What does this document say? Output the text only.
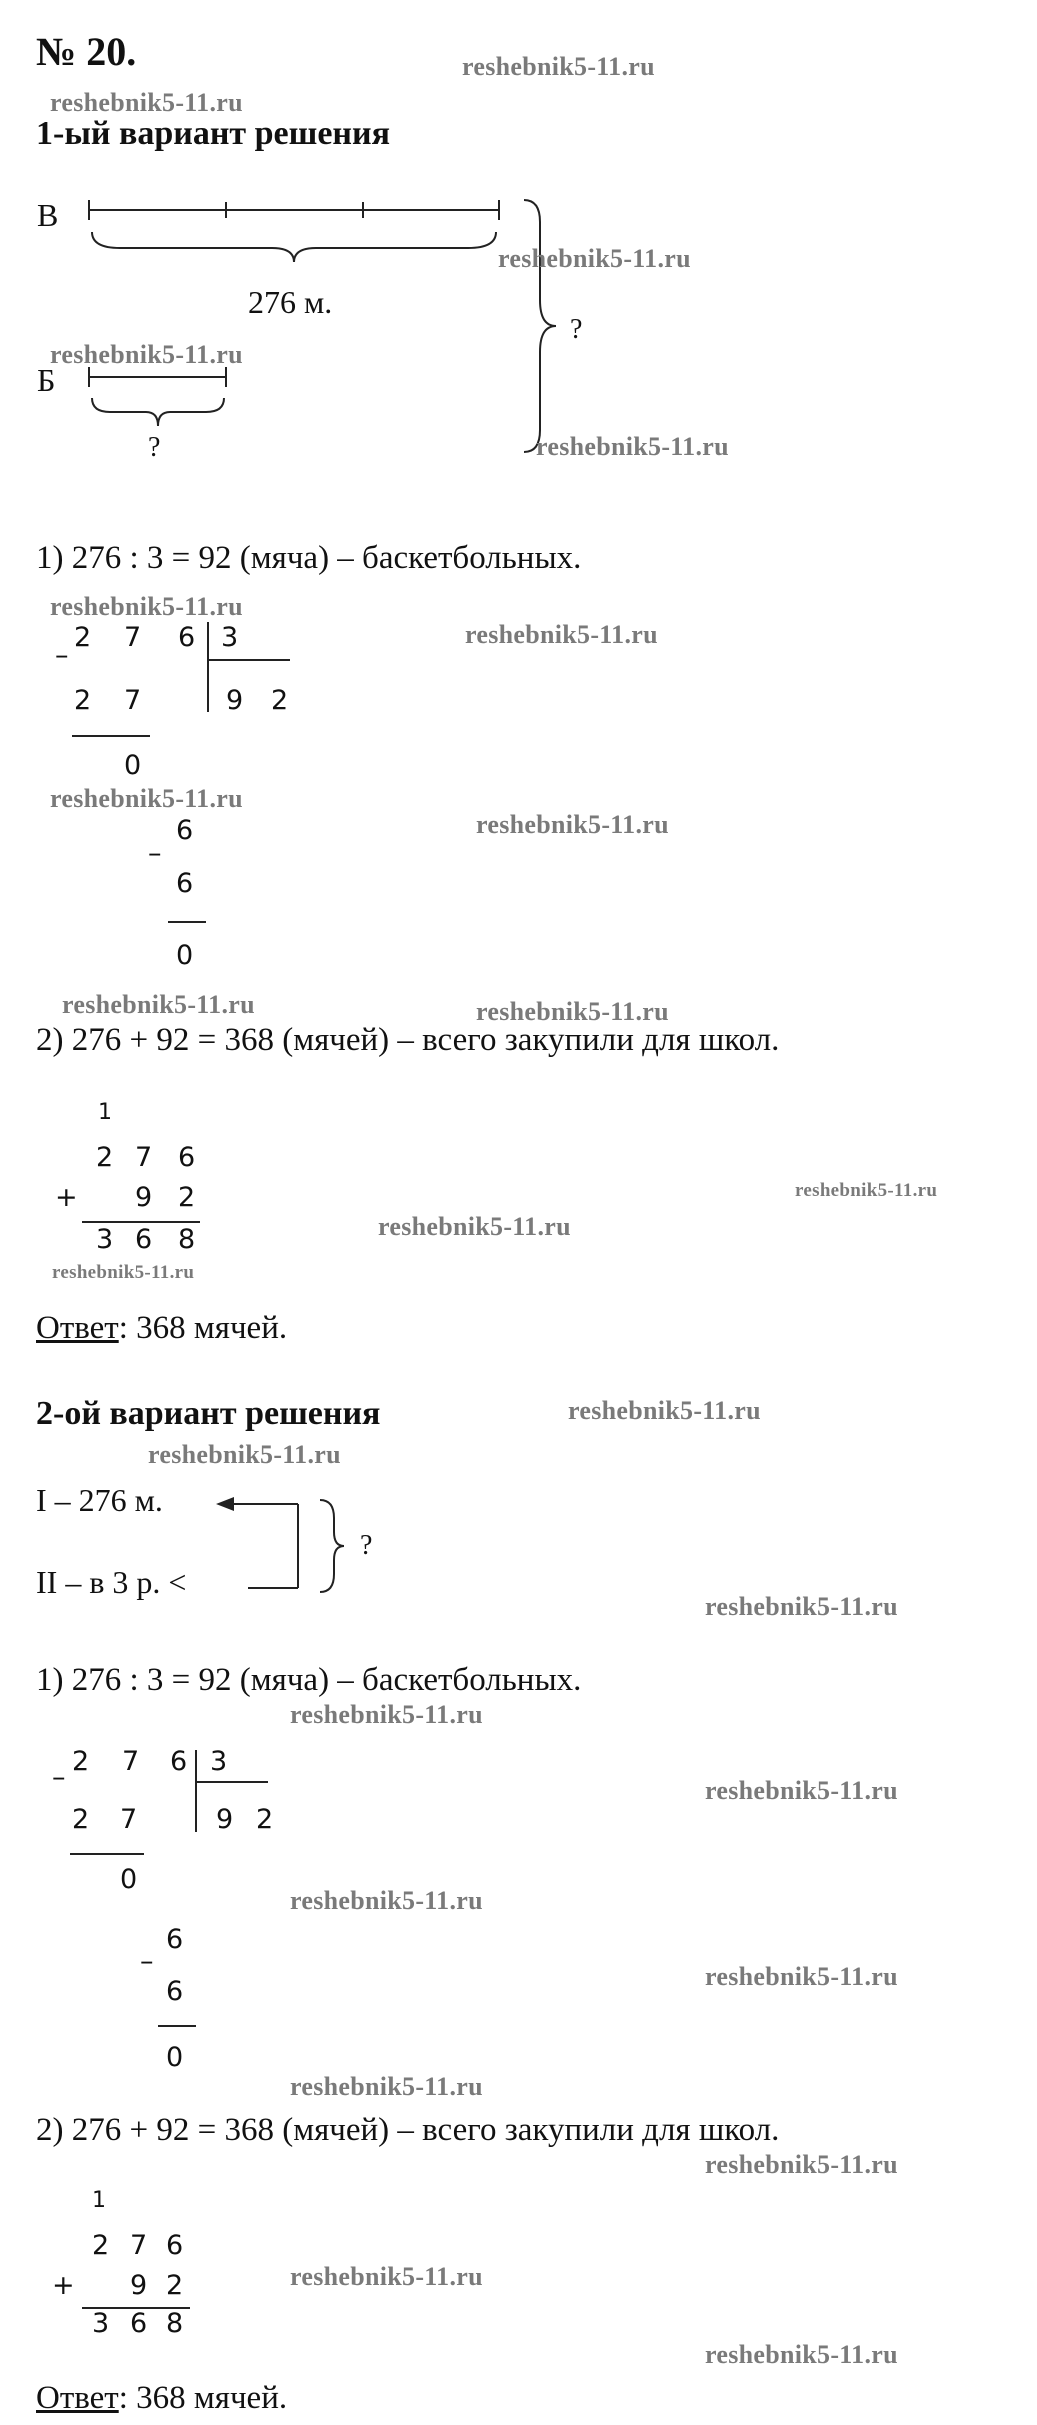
№ 20.	reshebnik5-11.ru
reshebnik5-11.ru
1-ый вариант решения
В
Б
276 м.
?
?
reshebnik5-11.ru
reshebnik5-11.ru
reshebnik5-11.ru
1) 276 : 3 = 92 (мяча) – баскетбольных.
reshebnik5-11.ru
reshebnik5-11.ru
–
2 7 6 3
9 2
2 7
0
6
–
6
0
reshebnik5-11.ru
reshebnik5-11.ru
reshebnik5-11.ru	reshebnik5-11.ru
2) 276 + 92 = 368 (мячей) – всего закупили для школ.
1
2 7 6
+ 9 2
3 6 8
reshebnik5-11.ru
reshebnik5-11.ru
reshebnik5-11.ru
Ответ: 368 мячей.
2-ой вариант решения	reshebnik5-11.ru
reshebnik5-11.ru
I – 276 м.
II – в 3 р. <
?
reshebnik5-11.ru
1) 276 : 3 = 92 (мяча) – баскетбольных.
reshebnik5-11.ru
–
2 7 6 3
9 2
2 7
0
6
–
6
0
reshebnik5-11.ru
reshebnik5-11.ru
reshebnik5-11.ru
reshebnik5-11.ru
2) 276 + 92 = 368 (мячей) – всего закупили для школ.
reshebnik5-11.ru
1
2 7 6
+ 9 2
3 6 8
reshebnik5-11.ru
reshebnik5-11.ru
Ответ: 368 мячей.
